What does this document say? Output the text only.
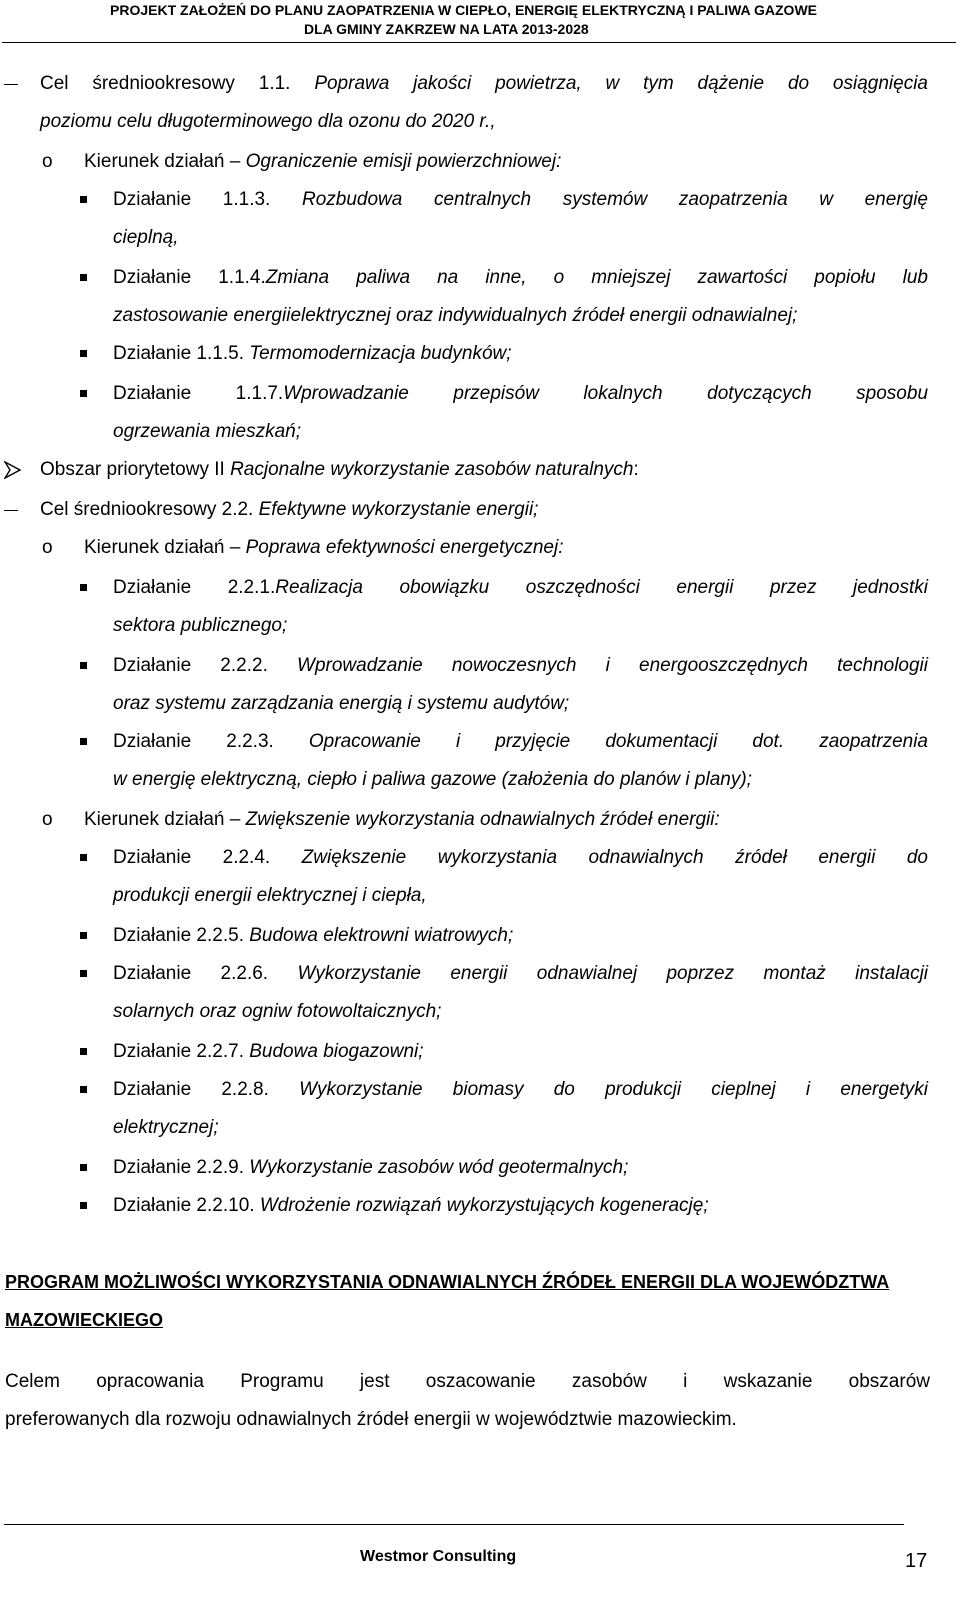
PROJEKT ZAŁOŻEŃ DO PLANU ZAOPATRZENIA W CIEPŁO, ENERGIĘ ELEKTRYCZNĄ I PALIWA GAZOWE
DLA GMINY ZAKRZEW NA LATA 2013-2028
Cel średniookresowy 1.1. Poprawa jakości powietrza, w tym dążenie do osiągnięcia
poziomu celu długoterminowego dla ozonu do 2020 r.,
o Kierunek działań – Ograniczenie emisji powierzchniowej:
Działanie 1.1.3. Rozbudowa centralnych systemów zaopatrzenia w energię
cieplną,
Działanie 1.1.4.Zmiana paliwa na inne, o mniejszej zawartości popiołu lub
zastosowanie energiielektrycznej oraz indywidualnych źródeł energii odnawialnej;
Działanie 1.1.5. Termomodernizacja budynków;
Działanie 1.1.7.Wprowadzanie przepisów lokalnych dotyczących sposobu
ogrzewania mieszkań;
Obszar priorytetowy II Racjonalne wykorzystanie zasobów naturalnych:
Cel średniookresowy 2.2. Efektywne wykorzystanie energii;
o Kierunek działań – Poprawa efektywności energetycznej:
Działanie 2.2.1.Realizacja obowiązku oszczędności energii przez jednostki
sektora publicznego;
Działanie 2.2.2. Wprowadzanie nowoczesnych i energooszczędnych technologii
oraz systemu zarządzania energią i systemu audytów;
Działanie 2.2.3. Opracowanie i przyjęcie dokumentacji dot. zaopatrzenia
w energię elektryczną, ciepło i paliwa gazowe (założenia do planów i plany);
o Kierunek działań – Zwiększenie wykorzystania odnawialnych źródeł energii:
Działanie 2.2.4. Zwiększenie wykorzystania odnawialnych źródeł energii do
produkcji energii elektrycznej i ciepła,
Działanie 2.2.5. Budowa elektrowni wiatrowych;
Działanie 2.2.6. Wykorzystanie energii odnawialnej poprzez montaż instalacji
solarnych oraz ogniw fotowoltaicznych;
Działanie 2.2.7. Budowa biogazowni;
Działanie 2.2.8. Wykorzystanie biomasy do produkcji cieplnej i energetyki
elektrycznej;
Działanie 2.2.9. Wykorzystanie zasobów wód geotermalnych;
Działanie 2.2.10. Wdrożenie rozwiązań wykorzystujących kogenerację;
PROGRAM MOŻLIWOŚCI WYKORZYSTANIA ODNAWIALNYCH ŹRÓDEŁ ENERGII DLA WOJEWÓDZTWA
MAZOWIECKIEGO
Celem opracowania Programu jest oszacowanie zasobów i wskazanie obszarów
preferowanych dla rozwoju odnawialnych źródeł energii w województwie mazowieckim.
Westmor Consulting	17
